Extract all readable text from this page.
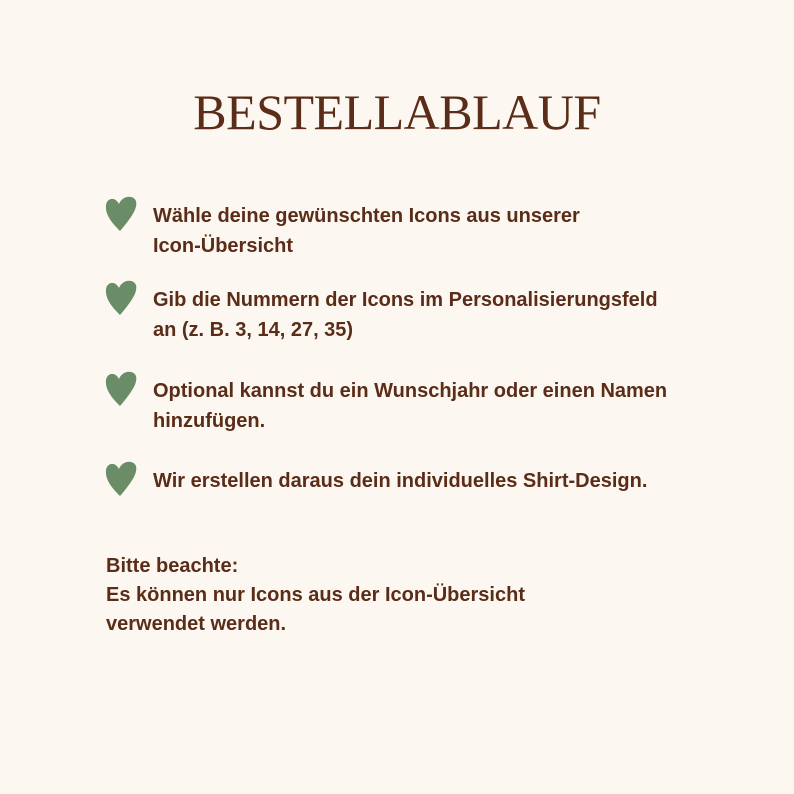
BESTELLABLAUF
Wähle deine gewünschten Icons aus unserer
Icon-Übersicht
Gib die Nummern der Icons im Personalisierungsfeld
an (z. B. 3, 14, 27, 35)
Optional kannst du ein Wunschjahr oder einen Namen
hinzufügen.
Wir erstellen daraus dein individuelles Shirt-Design.
Bitte beachte:
Es können nur Icons aus der Icon-Übersicht
verwendet werden.
